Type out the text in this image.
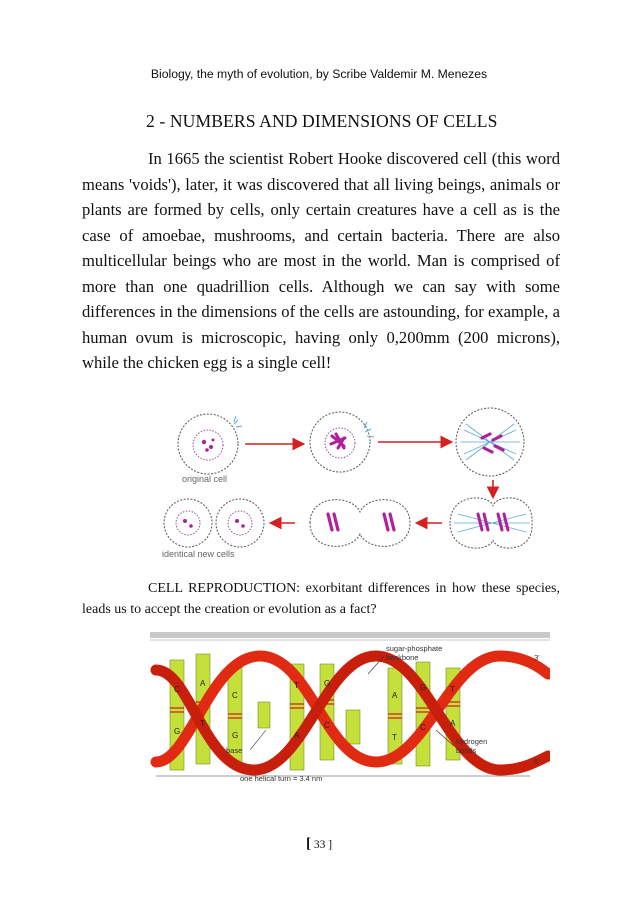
Biology, the myth of evolution, by Scribe Valdemir M. Menezes
2 - NUMBERS AND DIMENSIONS OF CELLS
In 1665 the scientist Robert Hooke discovered cell (this word means 'voids'), later, it was discovered that all living beings, animals or plants are formed by cells, only certain creatures have a cell as is the case of amoebae, mushrooms, and certain bacteria. There are also multicellular beings who are most in the world. Man is comprised of more than one quadrillion cells. Although we can say with some differences in the dimensions of the cells are astounding, for example, a human ovum is microscopic, having only 0,200mm (200 microns), while the chicken egg is a single cell!
original cell
identical new cells
CELL REPRODUCTION: exorbitant differences in how these species, leads us to accept the creation or evolution as a fact?
C
G
A
T
C
G
T
A
G
C
A
T
G
C
T
A
sugar-phosphate
backbone
base
hydrogen
bonds
3'
5'
one helical turn = 3.4 nm
[ 33 ]
